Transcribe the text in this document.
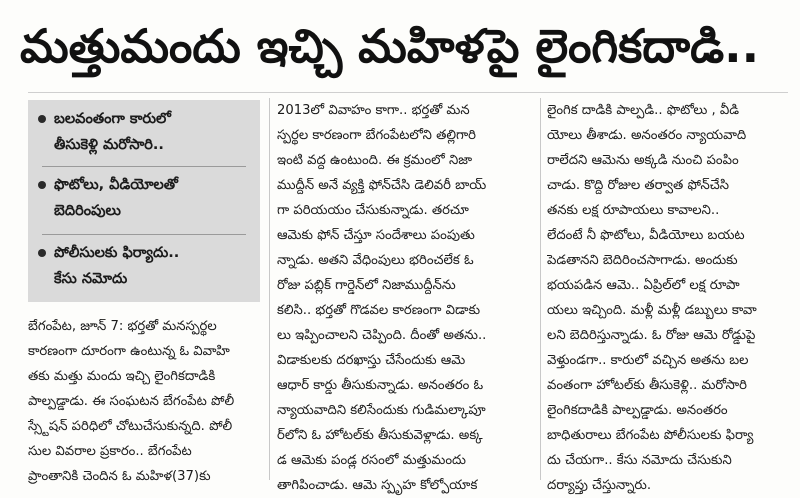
మత్తుమందు ఇచ్చి మహిళపై లైంగికదాడి..
బలవంతంగా కారులో
తీసుకెళ్లి మరోసారి..
ఫొటోలు, వీడియోలతో
బెదిరింపులు
పోలీసులకు ఫిర్యాదు..
కేసు నమోదు
బేగంపేట, జూన్ 7: భర్తతో మనస్పర్థల
కారణంగా దూరంగా ఉంటున్న ఓ వివాహి
తకు మత్తు మందు ఇచ్చి లైంగికదాడికి
పాల్పడ్డాడు. ఈ సంఘటన బేగంపేట పోలీ
స్స్టేషన్ పరిధిలో చోటుచేసుకున్నది. పోలీ
సుల వివరాల ప్రకారం.. బేగంపేట
ప్రాంతానికి చెందిన ఓ మహిళ(37)కు
2013లో వివాహం కాగా.. భర్తతో మన
స్పర్థల కారణంగా బేగంపేటలోని తల్లిగారి
ఇంటి వద్ద ఉంటుంది. ఈ క్రమంలో నిజా
ముద్దీన్ అనే వ్యక్తి ఫోన్‌చేసి డెలివరీ బాయ్
గా పరియయం చేసుకున్నాడు. తరచూ
ఆమెకు ఫోన్ చేస్తూ సందేశాలు పంపుతు
న్నాడు. అతని వేధింపులు భరించలేక ఓ
రోజు పబ్లిక్ గార్డెన్‌లో నిజాముద్దీన్‌ను
కలిసి.. భర్తతో గొడవల కారణంగా విడాకు
లు ఇప్పించాలని చెప్పింది. దీంతో అతను..
విడాకులకు దరఖాస్తు చేసేందుకు ఆమె
ఆధార్ కార్డు తీసుకున్నాడు. అనంతరం ఓ
న్యాయవాదిని కలిసేందుకు గుడిమల్కాపూ
ర్‌లోని ఓ హోటల్‌కు తీసుకువెళ్లాడు. అక్క
డ ఆమెకు పండ్ల రసంలో మత్తుమందు
తాగిపించాడు. ఆమె స్పృహ కోల్పోయాక
లైంగిక దాడికి పాల్పడి.. ఫొటోలు , వీడి
యోలు తీశాడు. అనంతరం న్యాయవాది
రాలేదని ఆమెను అక్కడి నుంచి పంపిం
చాడు. కొద్ది రోజుల తర్వాత ఫోన్‌చేసి
తనకు లక్ష రూపాయలు కావాలని..
లేదంటే నీ ఫొటోలు, వీడియోలు బయట
పెడతానని బెదిరించసాగాడు. అందుకు
భయపడిన ఆమె.. ఏప్రిల్‌లో లక్ష రూపా
యలు ఇచ్చింది. మళ్లీ మళ్లీ డబ్బులు కావా
లని బెదిరిస్తున్నాడు. ఓ రోజు ఆమె రోడ్డుపై
వెళ్తుండగా.. కారులో వచ్చిన అతను బల
వంతంగా హోటల్‌కు తీసుకెళ్లి.. మరోసారి
లైంగికదాడికి పాల్పడ్డాడు. అనంతరం
బాధితురాలు బేగంపేట పోలీసులకు ఫిర్యా
దు చేయగా.. కేసు నమోదు చేసుకుని
దర్యాప్తు చేస్తున్నారు.
